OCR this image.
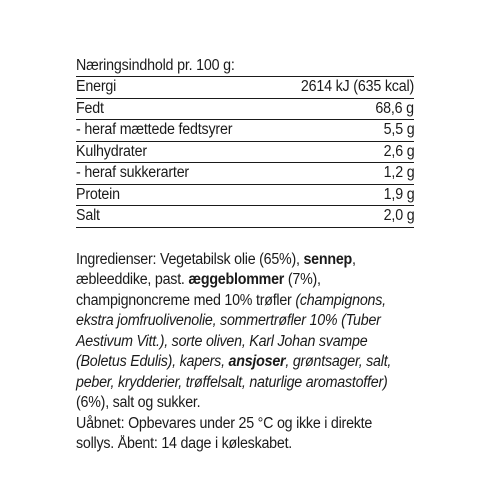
Næringsindhold pr. 100 g:
Energi	2614 kJ (635 kcal)
Fedt	68,6 g
- heraf mættede fedtsyrer	5,5 g
Kulhydrater	2,6 g
- heraf sukkerarter	1,2 g
Protein	1,9 g
Salt	2,0 g
Ingredienser: Vegetabilsk olie (65%), sennep,
æbleeddike, past. æggeblommer (7%),
champignoncreme med 10% trøfler (champignons,
ekstra jomfruolivenolie, sommertrøfler 10% (Tuber
Aestivum Vitt.), sorte oliven, Karl Johan svampe
(Boletus Edulis), kapers, ansjoser, grøntsager, salt,
peber, krydderier, trøffelsalt, naturlige aromastoffer)
(6%), salt og sukker.
Uåbnet: Opbevares under 25 °C og ikke i direkte
sollys. Åbent: 14 dage i køleskabet.
